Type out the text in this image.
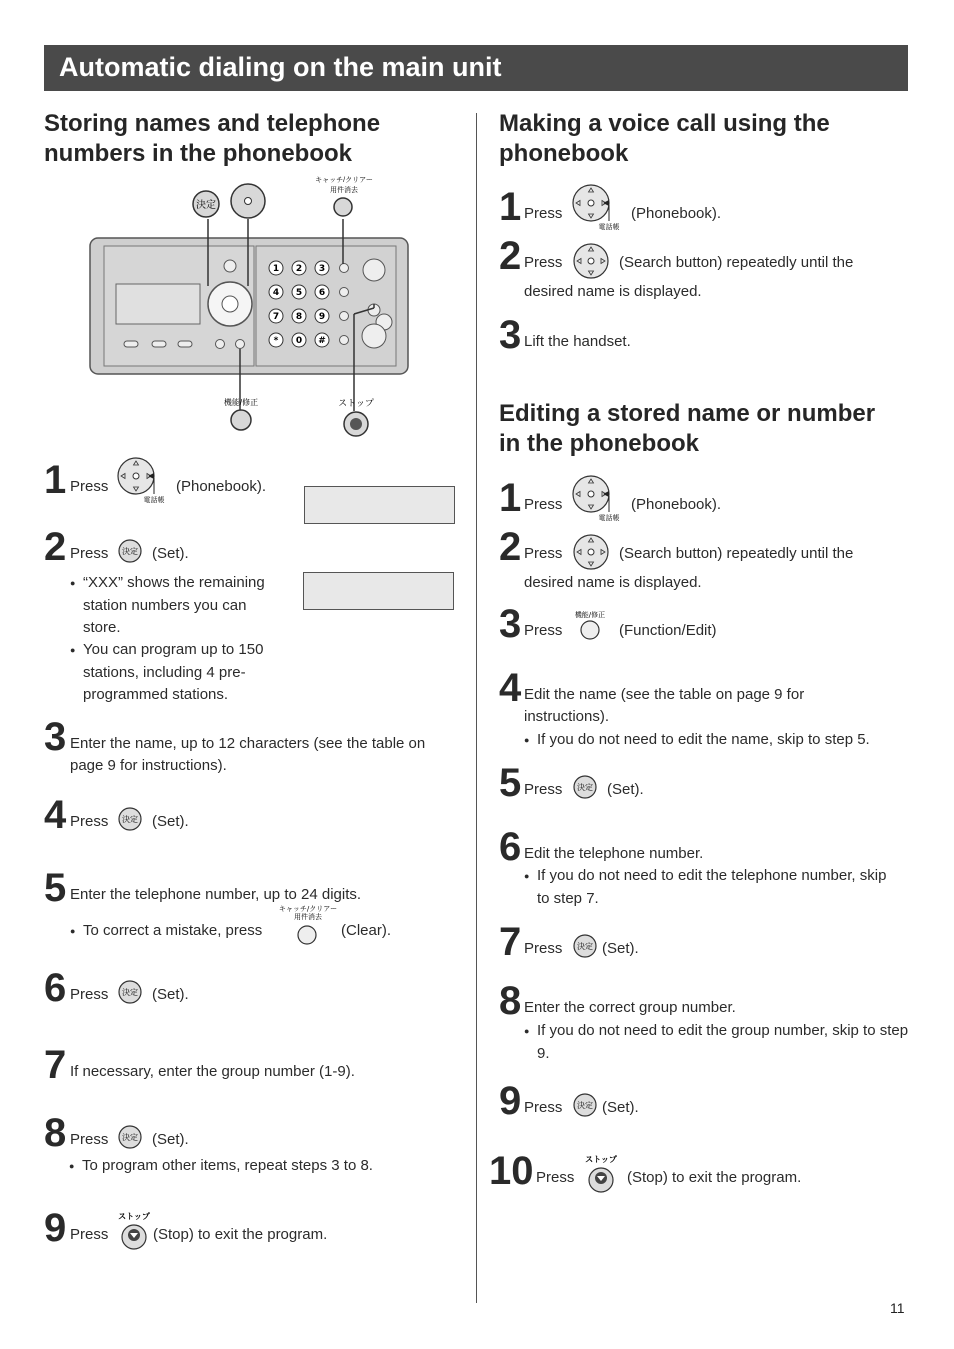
Automatic dialing on the main unit
Storing names and telephone
numbers in the phonebook
Making a voice call using the
phonebook
Editing a stored name or number
in the phonebook
1 2 3
4 5 6
7 8 9
* 0 #
決定
キャッチ/クリアー
用件消去
機能/修正	ストップ
1 Press
電話帳
(Phonebook).
2 Press 決定 (Set).
● “XXX” shows the remaining station numbers you can store.
● You can program up to 150 stations, including 4 pre-programmed stations.
3 Enter the name, up to 12 characters (see the table on
page 9 for instructions).
4 Press 決定 (Set).
5 Enter the telephone number, up to 24 digits.
● To correct a mistake, press
キャッチ/クリアー
用件消去
(Clear).
6 Press 決定 (Set).
7 If necessary, enter the group number (1-9).
8 Press 決定 (Set).
● To program other items, repeat steps 3 to 8.
9 Press
ストップ
(Stop) to exit the program.
1 Press
電話帳
(Phonebook).
2 Press	(Search button) repeatedly until the
desired name is displayed.
3 Lift the handset.
1 Press
電話帳
(Phonebook).
2 Press	(Search button) repeatedly until the
desired name is displayed.
3 Press
機能/修正
(Function/Edit)
4 Edit the name (see the table on page 9 for
instructions).
● If you do not need to edit the name, skip to step 5.
5 Press 決定 (Set).
6 Edit the telephone number.
● If you do not need to edit the telephone number, skip to step 7.
7 Press 決定 (Set).
8 Enter the correct group number.
● If you do not need to edit the group number, skip to step 9.
9 Press 決定 (Set).
10 Press
ストップ
(Stop) to exit the program.
11
